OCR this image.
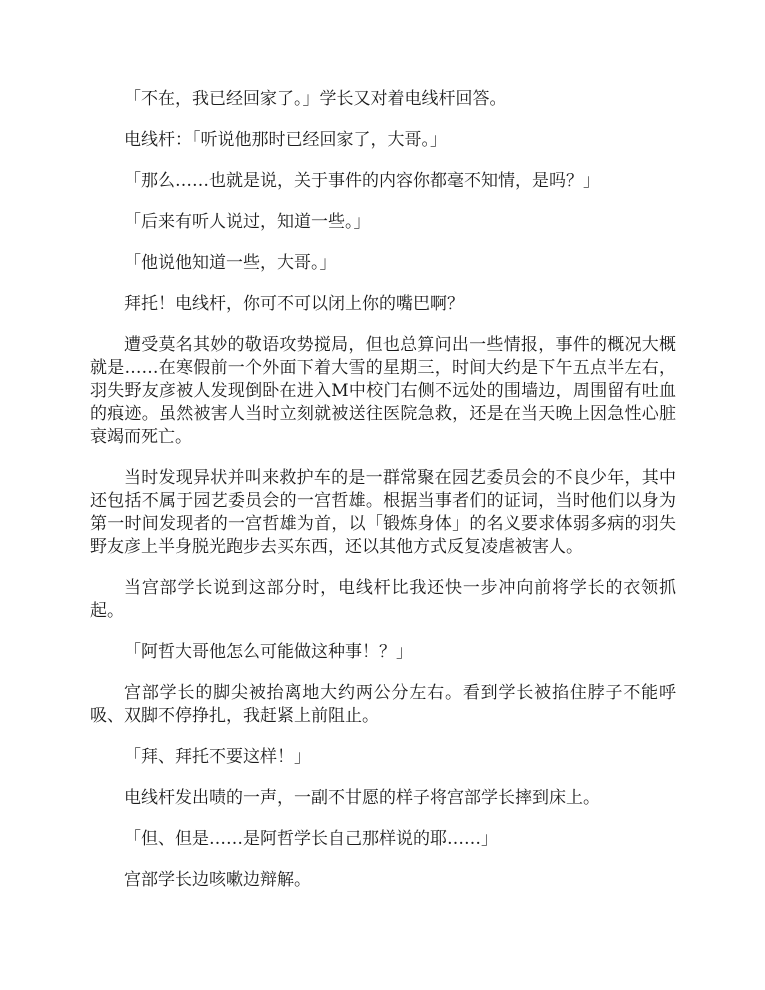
「不在，我已经回家了。」学长又对着电线杆回答。

电线杆：「听说他那时已经回家了，大哥。」

「那么……也就是说，关于事件的内容你都毫不知情，是吗？」

「后来有听人说过，知道一些。」

「他说他知道一些，大哥。」

拜托！电线杆，你可不可以闭上你的嘴巴啊？

遭受莫名其妙的敬语攻势搅局，但也总算问出一些情报，事件的概况大概就是……在寒假前一个外面下着大雪的星期三，时间大约是下午五点半左右，羽失野友彦被人发现倒卧在进入M中校门右侧不远处的围墙边，周围留有吐血的痕迹。虽然被害人当时立刻就被送往医院急救，还是在当天晚上因急性心脏衰竭而死亡。

当时发现异状并叫来救护车的是一群常聚在园艺委员会的不良少年，其中还包括不属于园艺委员会的一宫哲雄。根据当事者们的证词，当时他们以身为第一时间发现者的一宫哲雄为首，以「锻炼身体」的名义要求体弱多病的羽失野友彦上半身脱光跑步去买东西，还以其他方式反复凌虐被害人。

当宫部学长说到这部分时，电线杆比我还快一步冲向前将学长的衣领抓起。

「阿哲大哥他怎么可能做这种事！？」

宫部学长的脚尖被抬离地大约两公分左右。看到学长被掐住脖子不能呼吸、双脚不停挣扎，我赶紧上前阻止。

「拜、拜托不要这样！」

电线杆发出啧的一声，一副不甘愿的样子将宫部学长摔到床上。

「但、但是……是阿哲学长自己那样说的耶……」

宫部学长边咳嗽边辩解。
